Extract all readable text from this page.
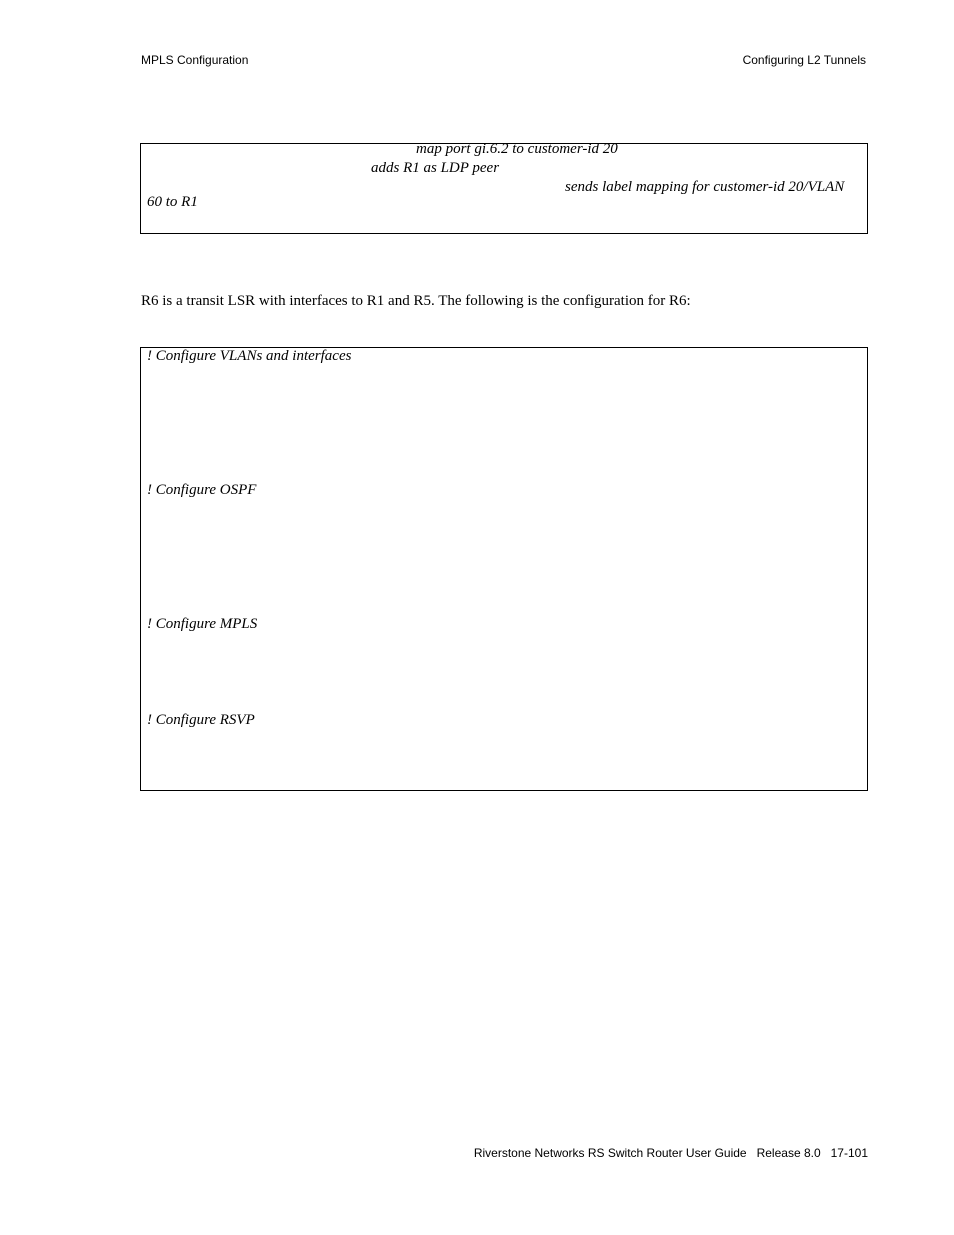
MPLS Configuration	Configuring L2 Tunnels
map port gi.6.2 to customer-id 20
adds R1 as LDP peer
sends label mapping for customer-id 20/VLAN
60 to R1
R6 is a transit LSR with interfaces to R1 and R5. The following is the configuration for R6:
! Configure VLANs and interfaces
! Configure OSPF
! Configure MPLS
! Configure RSVP
Riverstone Networks RS Switch Router User Guide   Release 8.0   17-101
